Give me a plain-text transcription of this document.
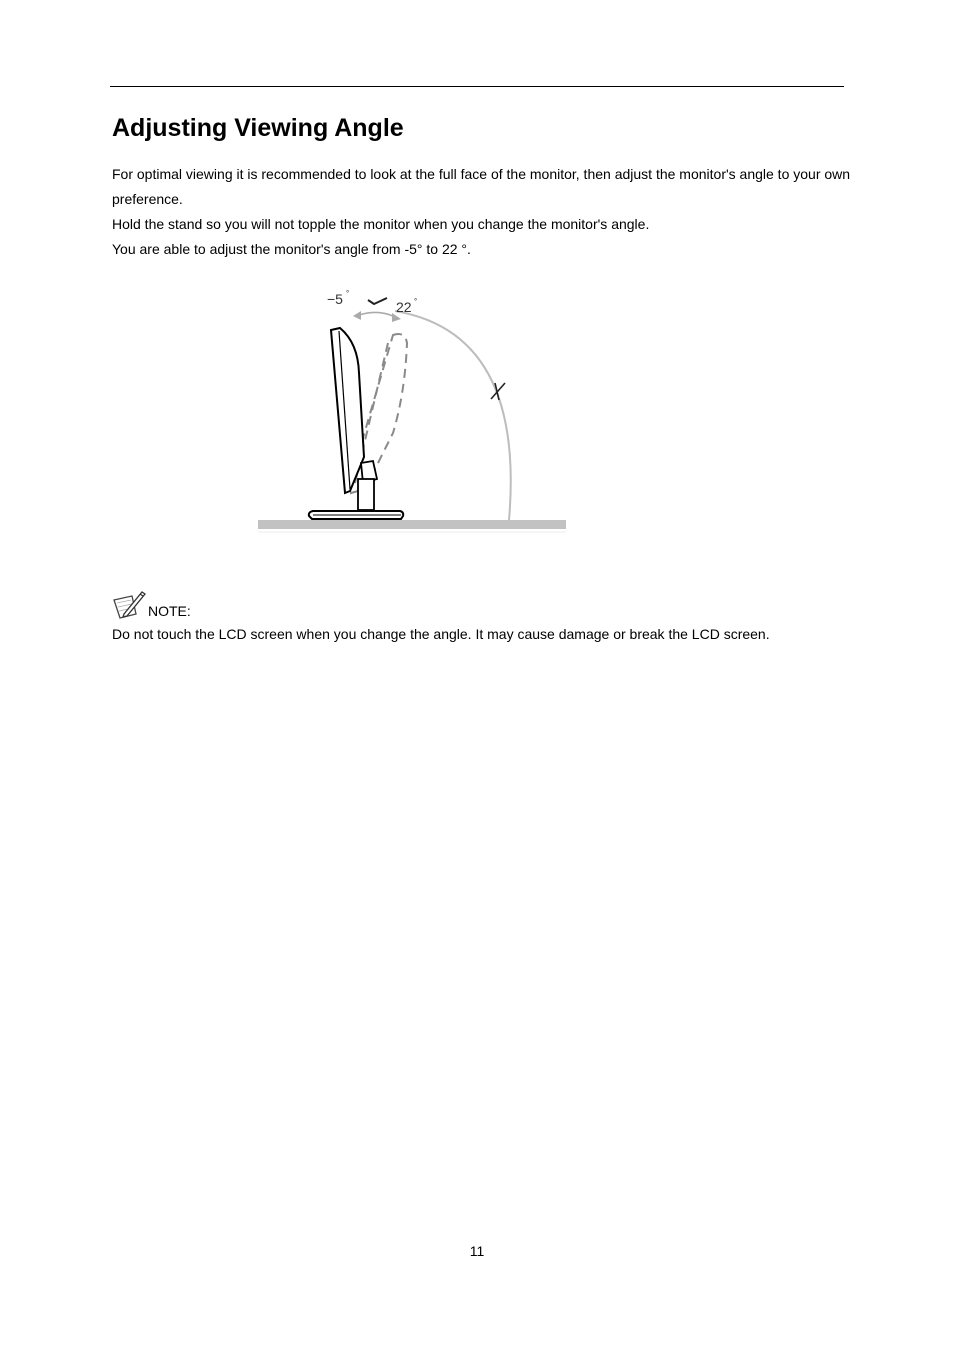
Adjusting Viewing Angle

For optimal viewing it is recommended to look at the full face of the monitor, then adjust the monitor's angle to your own preference.

Hold the stand so you will not topple the monitor when you change the monitor's angle.

You are able to adjust the monitor's angle from -5° to 22 °.

−5 °
22 °
NOTE:

Do not touch the LCD screen when you change the angle. It may cause damage or break the LCD screen.

11
